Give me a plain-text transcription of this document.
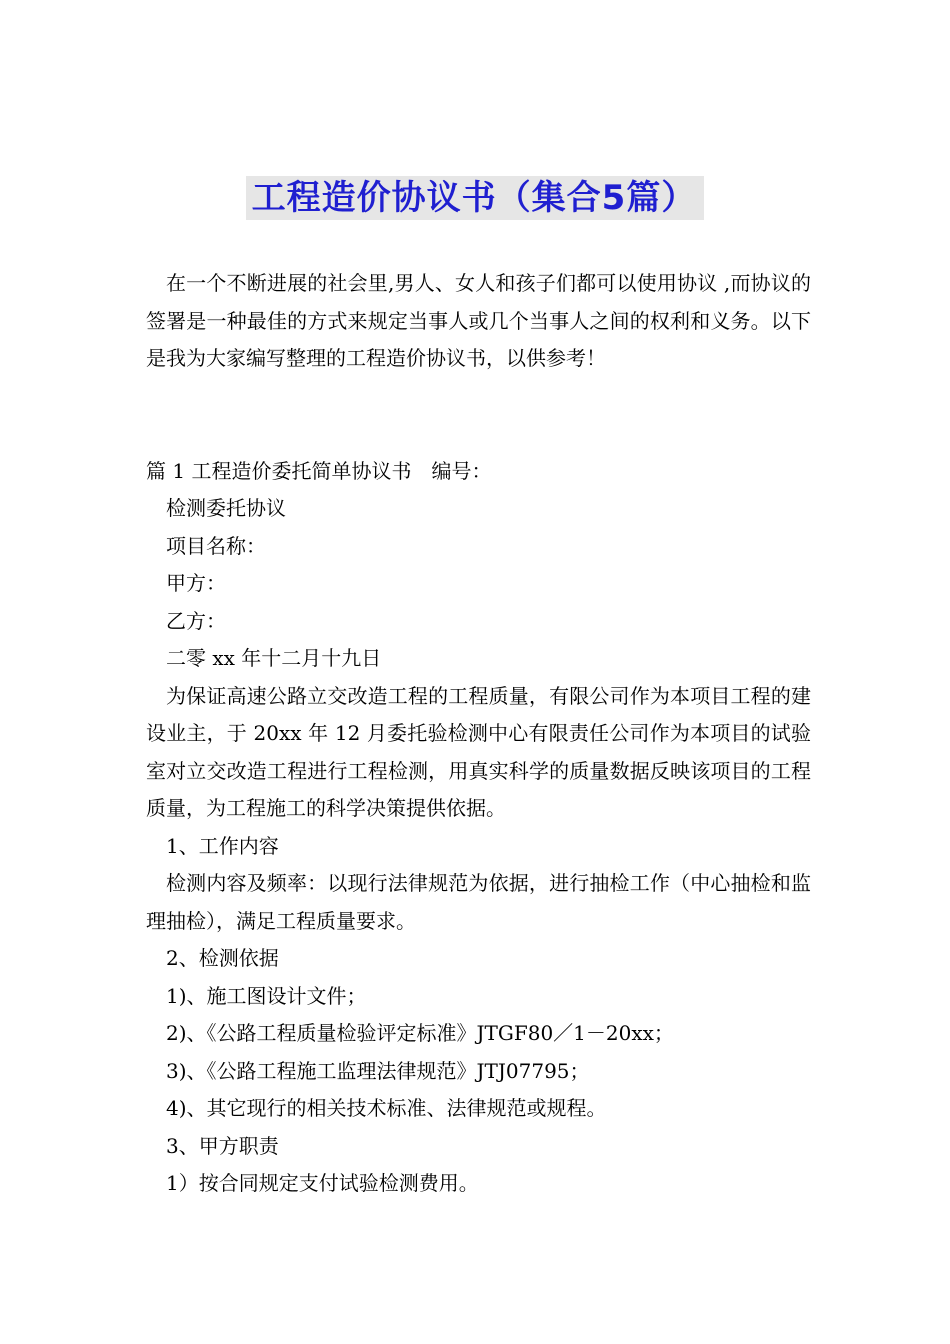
工程造价协议书（集合5篇）

在一个不断进展的社会里,男人、女人和孩子们都可以使用协议 ,而协议的签署是一种最佳的方式来规定当事人或几个当事人之间的权利和义务。以下是我为大家编写整理的工程造价协议书，以供参考！

篇 1 工程造价委托简单协议书　编号：

检测委托协议

项目名称：

甲方：

乙方：

二零 xx 年十二月十九日

为保证高速公路立交改造工程的工程质量，有限公司作为本项目工程的建设业主，于 20xx 年 12 月委托验检测中心有限责任公司作为本项目的试验室对立交改造工程进行工程检测，用真实科学的质量数据反映该项目的工程质量，为工程施工的科学决策提供依据。

1、工作内容

检测内容及频率：以现行法律规范为依据，进行抽检工作（中心抽检和监理抽检），满足工程质量要求。

2、检测依据

1)、施工图设计文件；

2)、《公路工程质量检验评定标准》JTGF80／1－20xx；

3)、《公路工程施工监理法律规范》JTJ07795；

4)、其它现行的相关技术标准、法律规范或规程。

3、甲方职责

1）按合同规定支付试验检测费用。
